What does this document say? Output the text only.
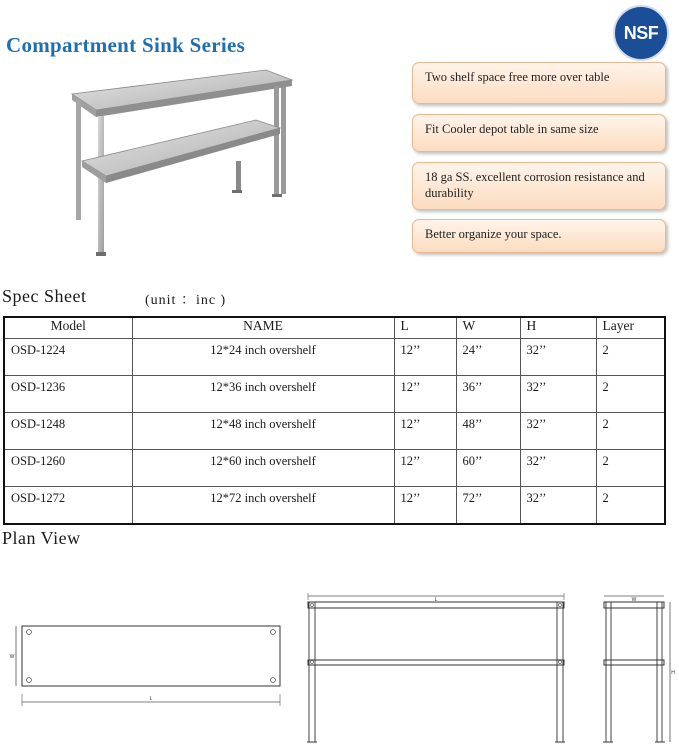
Compartment Sink Series
NSF
Two shelf space free more over table
Fit Cooler depot table in same size
18 ga SS. excellent corrosion resistance and durability
Better organize your space.
Spec Sheet	(unit ：inc )
Model	NAME	L	W	H	Layer
OSD-1224	12*24 inch overshelf	12’’	24’’	32’’	2
OSD-1236	12*36 inch overshelf	12’’	36’’	32’’	2
OSD-1248	12*48 inch overshelf	12’’	48’’	32’’	2
OSD-1260	12*60 inch overshelf	12’’	60’’	32’’	2
OSD-1272	12*72 inch overshelf	12’’	72’’	32’’	2
Plan View
L
W
L	W
H
